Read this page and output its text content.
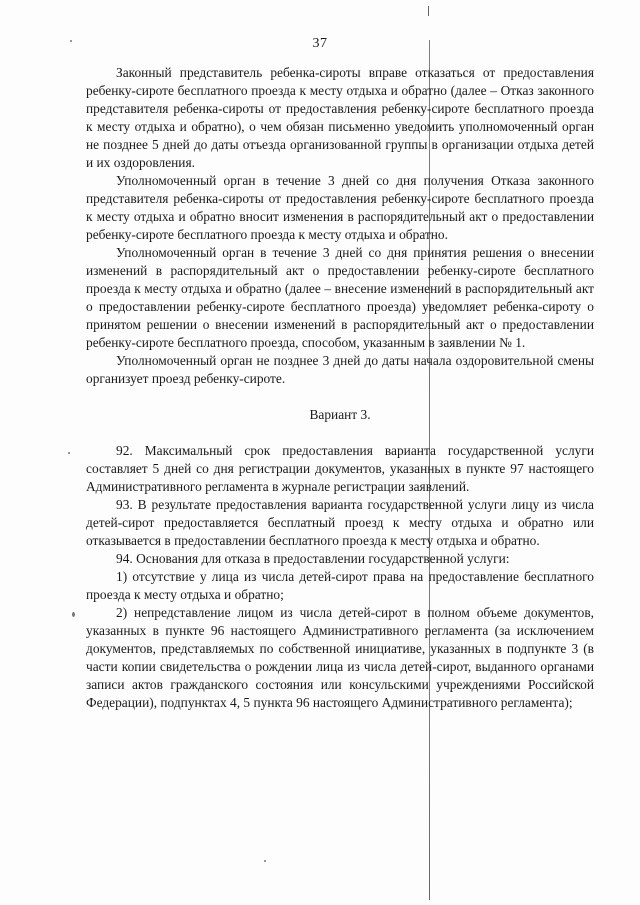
37

Законный представитель ребенка-сироты вправе отказаться от предоставления ребенку-сироте бесплатного проезда к месту отдыха и обратно (далее – Отказ законного представителя ребенка-сироты от предоставления ребенку-сироте бесплатного проезда к месту отдыха и обратно), о чем обязан письменно уведомить уполномоченный орган не позднее 5 дней до даты отъезда организованной группы в организации отдыха детей и их оздоровления.

Уполномоченный орган в течение 3 дней со дня получения Отказа законного представителя ребенка-сироты от предоставления ребенку-сироте бесплатного проезда к месту отдыха и обратно вносит изменения в распорядительный акт о предоставлении ребенку-сироте бесплатного проезда к месту отдыха и обратно.

Уполномоченный орган в течение 3 дней со дня принятия решения о внесении изменений в распорядительный акт о предоставлении ребенку-сироте бесплатного проезда к месту отдыха и обратно (далее – внесение изменений в распорядительный акт о предоставлении ребенку-сироте бесплатного проезда) уведомляет ребенка-сироту о принятом решении о внесении изменений в распорядительный акт о предоставлении ребенку-сироте бесплатного проезда, способом, указанным в заявлении № 1.

Уполномоченный орган не позднее 3 дней до даты начала оздоровительной смены организует проезд ребенку-сироте.

Вариант 3.

92. Максимальный срок предоставления варианта государственной услуги составляет 5 дней со дня регистрации документов, указанных в пункте 97 настоящего Административного регламента в журнале регистрации заявлений.

93. В результате предоставления варианта государственной услуги лицу из числа детей-сирот предоставляется бесплатный проезд к месту отдыха и обратно или отказывается в предоставлении бесплатного проезда к месту отдыха и обратно.

94. Основания для отказа в предоставлении государственной услуги:

1) отсутствие у лица из числа детей-сирот права на предоставление бесплатного проезда к месту отдыха и обратно;

2) непредставление лицом из числа детей-сирот в полном объеме документов, указанных в пункте 96 настоящего Административного регламента (за исключением документов, представляемых по собственной инициативе, указанных в подпункте 3 (в части копии свидетельства о рождении лица из числа детей-сирот, выданного органами записи актов гражданского состояния или консульскими учреждениями Российской Федерации), подпунктах 4, 5 пункта 96 настоящего Административного регламента);
